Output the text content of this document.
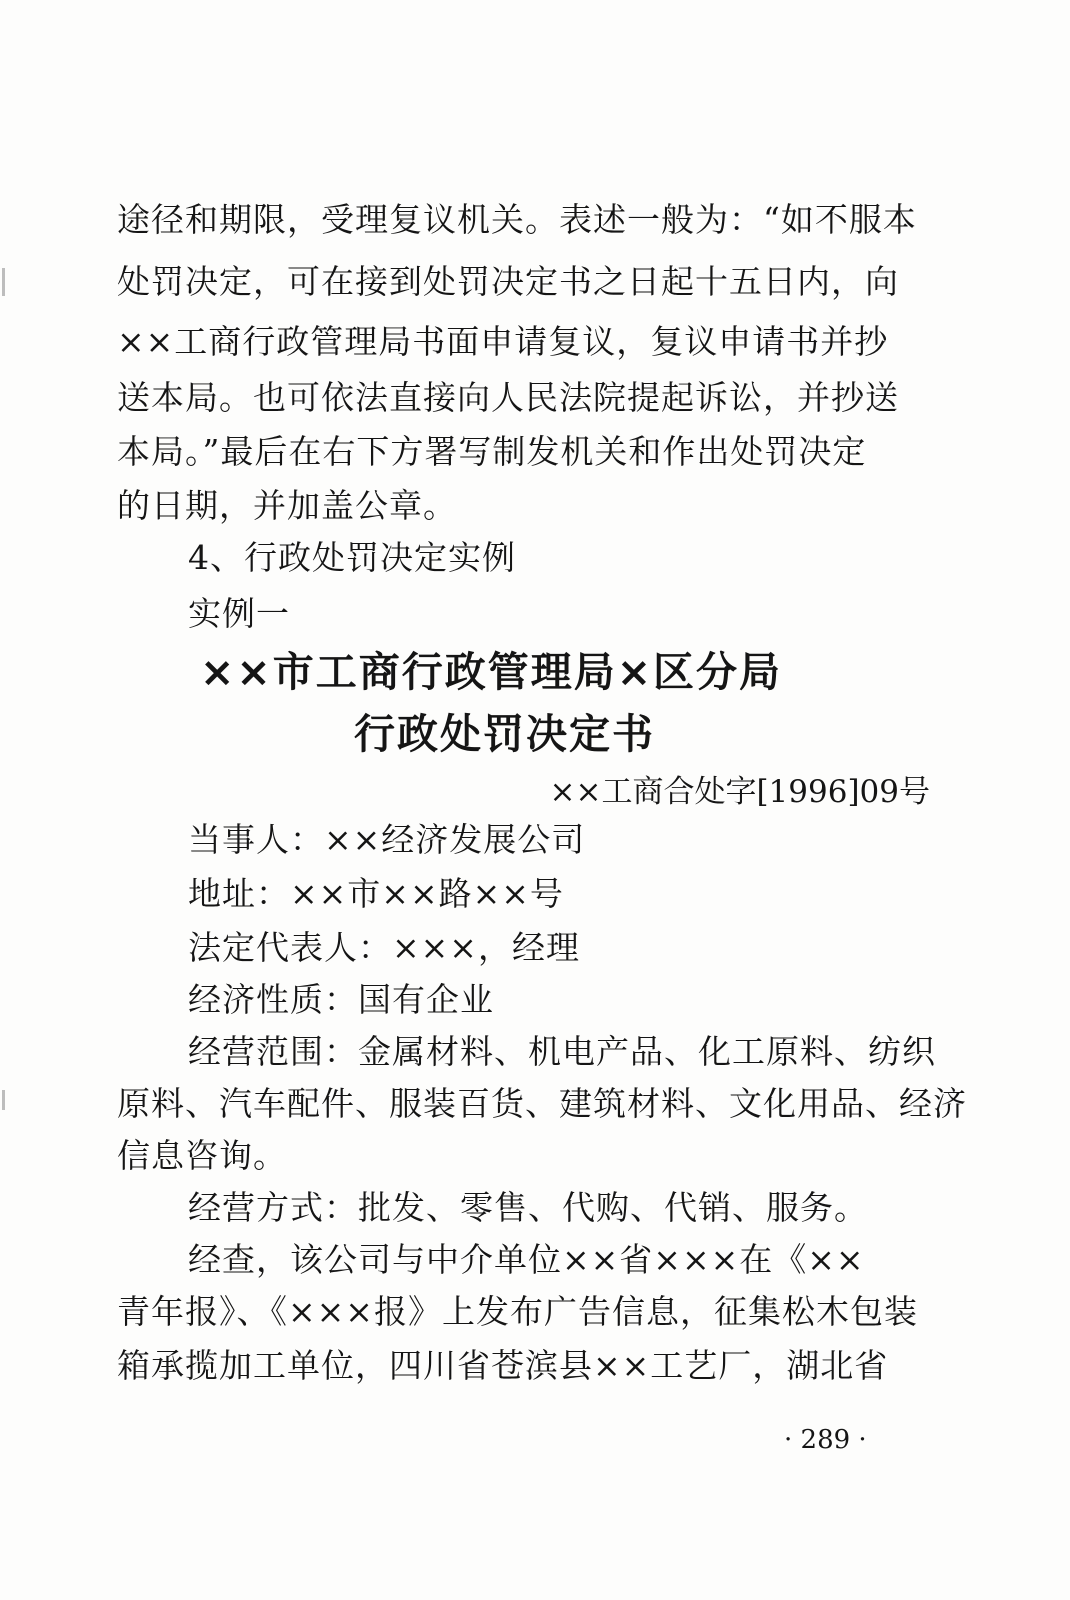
途径和期限，受理复议机关。表述一般为：“如不服本
处罚决定，可在接到处罚决定书之日起十五日内，向
××工商行政管理局书面申请复议，复议申请书并抄
送本局。也可依法直接向人民法院提起诉讼，并抄送
本局。”最后在右下方署写制发机关和作出处罚决定
的日期，并加盖公章。
4、行政处罚决定实例
实例一
××市工商行政管理局×区分局
行政处罚决定书
××工商合处字[1996]09号
当事人：××经济发展公司
地址：××市××路××号
法定代表人：×××，经理
经济性质：国有企业
经营范围：金属材料、机电产品、化工原料、纺织
原料、汽车配件、服装百货、建筑材料、文化用品、经济
信息咨询。
经营方式：批发、零售、代购、代销、服务。
经查，该公司与中介单位××省×××在《××
青年报》、《×××报》上发布广告信息，征集松木包装
箱承揽加工单位，四川省苍滨县××工艺厂，湖北省
· 289 ·
